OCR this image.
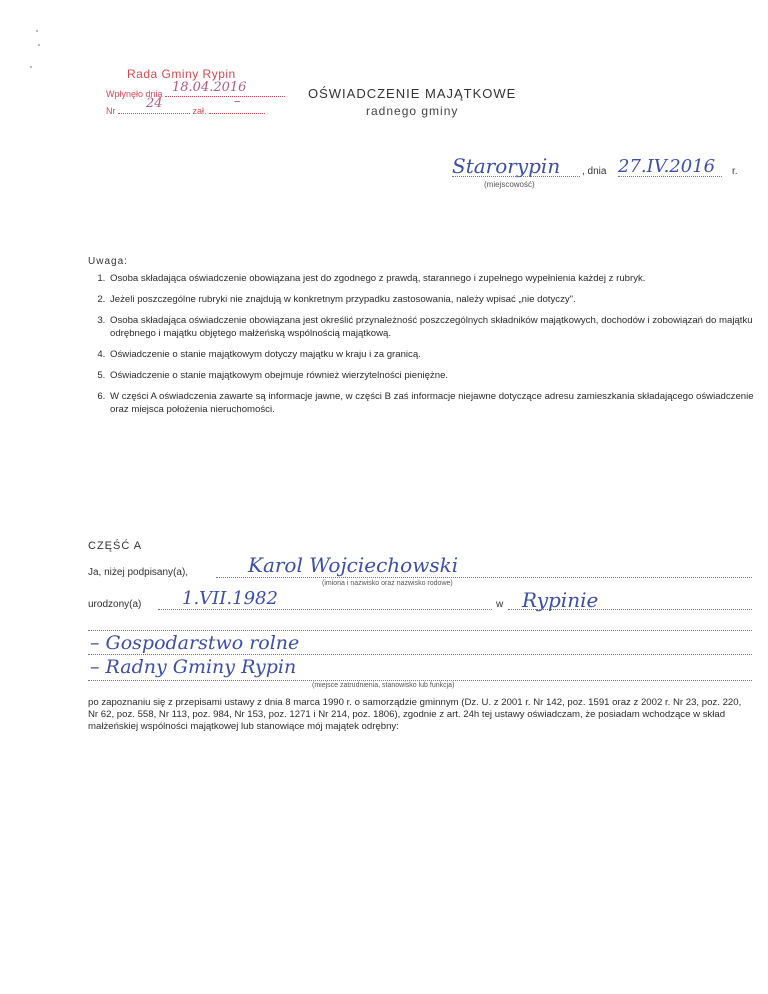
Rada Gminy Rypin
Wpłynęło dnia 18.04.2016
Nr	zał.
24	–
OŚWIADCZENIE MAJĄTKOWE
radnego gminy
Starorypin
(miejscowość)
, dnia 27.IV.2016 r.
Uwaga:
1. Osoba składająca oświadczenie obowiązana jest do zgodnego z prawdą, starannego i zupełnego wypełnienia każdej z rubryk.
2. Jeżeli poszczególne rubryki nie znajdują w konkretnym przypadku zastosowania, należy wpisać „nie dotyczy".
3. Osoba składająca oświadczenie obowiązana jest określić przynależność poszczególnych składników majątkowych, dochodów i zobowiązań do majątku odrębnego i majątku objętego małżeńską wspólnością majątkową.
4. Oświadczenie o stanie majątkowym dotyczy majątku w kraju i za granicą.
5. Oświadczenie o stanie majątkowym obejmuje również wierzytelności pieniężne.
6. W części A oświadczenia zawarte są informacje jawne, w części B zaś informacje niejawne dotyczące adresu zamieszkania składającego oświadczenie oraz miejsca położenia nieruchomości.
CZĘŚĆ A
Ja, niżej podpisany(a),	Karol Wojciechowski
(imiona i nazwisko oraz nazwisko rodowe)
urodzony(a) 1.VII.1982	w Rypinie
– Gospodarstwo rolne
– Radny Gminy Rypin
(miejsce zatrudnienia, stanowisko lub funkcja)
po zapoznaniu się z przepisami ustawy z dnia 8 marca 1990 r. o samorządzie gminnym (Dz. U. z 2001 r. Nr 142, poz. 1591 oraz z 2002 r. Nr 23, poz. 220, Nr 62, poz. 558, Nr 113, poz. 984, Nr 153, poz. 1271 i Nr 214, poz. 1806), zgodnie z art. 24h tej ustawy oświadczam, że posiadam wchodzące w skład małżeńskiej wspólności majątkowej lub stanowiące mój majątek odrębny:
